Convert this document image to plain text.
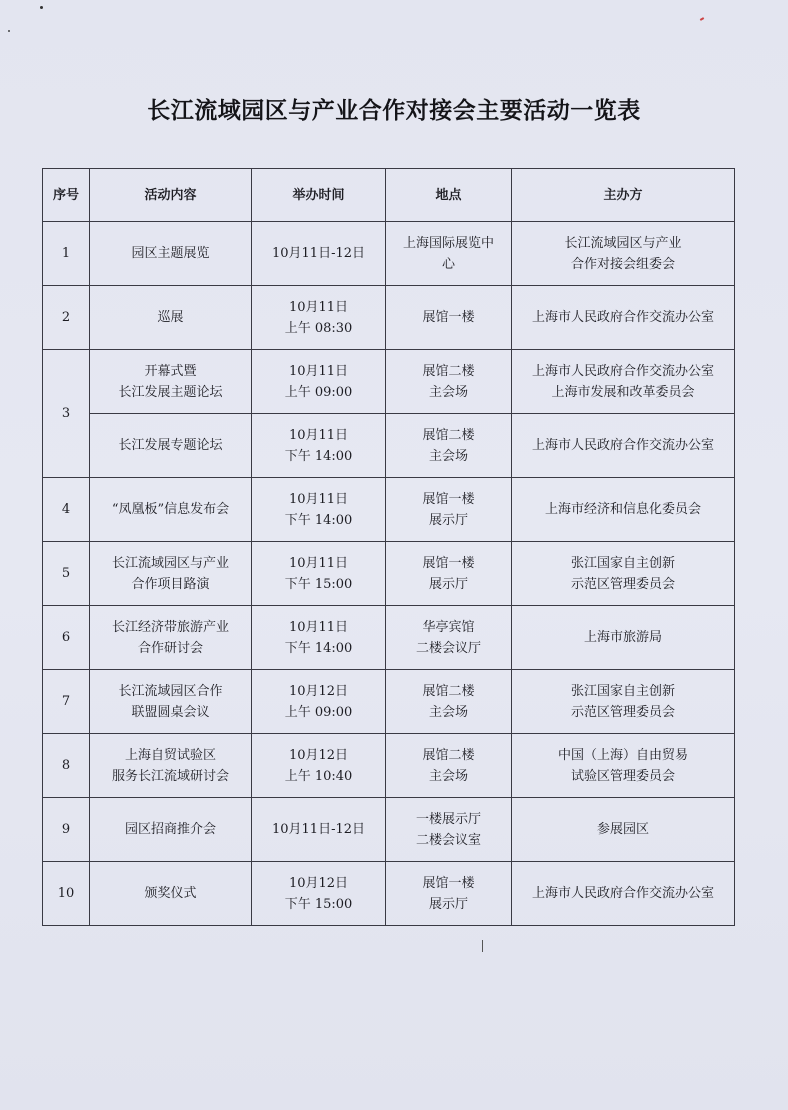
长江流域园区与产业合作对接会主要活动一览表
序号	活动内容	举办时间	地点	主办方
1	园区主题展览	10月11日-12日	上海国际展览中
心	长江流域园区与产业
合作对接会组委会

2	巡展	10月11日
上午 08:30	展馆一楼	上海市人民政府合作交流办公室

3	开幕式暨
长江发展主题论坛	10月11日
上午 09:00	展馆二楼
主会场	上海市人民政府合作交流办公室
上海市发展和改革委员会

	长江发展专题论坛	10月11日
下午 14:00	展馆二楼
主会场	上海市人民政府合作交流办公室

4	“凤凰板”信息发布会	10月11日
下午 14:00	展馆一楼
展示厅	上海市经济和信息化委员会

5	长江流域园区与产业
合作项目路演	10月11日
下午 15:00	展馆一楼
展示厅	张江国家自主创新
示范区管理委员会

6	长江经济带旅游产业
合作研讨会	10月11日
下午 14:00	华亭宾馆
二楼会议厅	上海市旅游局

7	长江流域园区合作
联盟圆桌会议	10月12日
上午 09:00	展馆二楼
主会场	张江国家自主创新
示范区管理委员会

8	上海自贸试验区
服务长江流域研讨会	10月12日
上午 10:40	展馆二楼
主会场	中国（上海）自由贸易
试验区管理委员会

9	园区招商推介会	10月11日-12日	一楼展示厅
二楼会议室	参展园区

10	颁奖仪式	10月12日
下午 15:00	展馆一楼
展示厅	上海市人民政府合作交流办公室
